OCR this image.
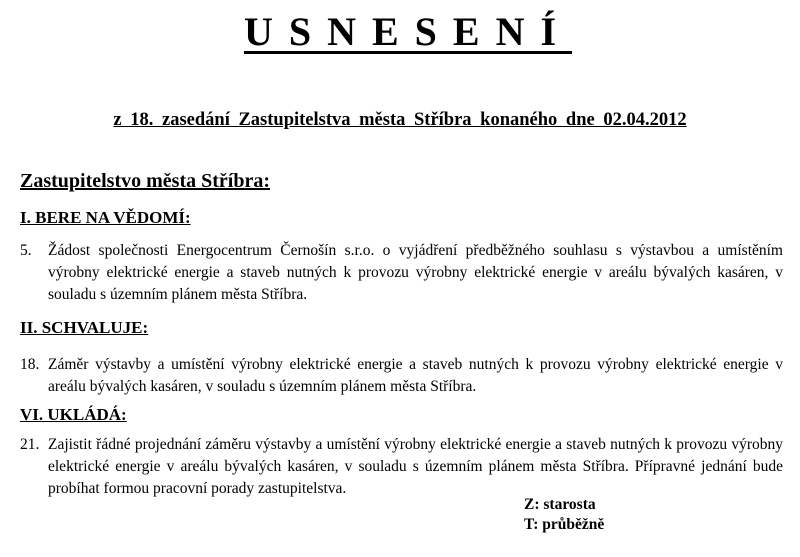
USNESENÍ
z 18. zasedání Zastupitelstva města Stříbra konaného dne 02.04.2012
Zastupitelstvo města Stříbra:
I. BERE NA VĚDOMÍ:
5.	Žádost společnosti Energocentrum Černošín s.r.o. o vyjádření předběžného souhlasu s výstavbou a umístěním výrobny elektrické energie a staveb nutných k provozu výrobny elektrické energie v areálu bývalých kasáren, v souladu s územním plánem města Stříbra.
II. SCHVALUJE:
18. Záměr výstavby a umístění výrobny elektrické energie a staveb nutných k provozu výrobny elektrické energie v areálu bývalých kasáren, v souladu s územním plánem města Stříbra.
VI. UKLÁDÁ:
21. Zajistit řádné projednání záměru výstavby a umístění výrobny elektrické energie a staveb nutných k provozu výrobny elektrické energie v areálu bývalých kasáren, v souladu s územním plánem města Stříbra. Přípravné jednání bude probíhat formou pracovní porady zastupitelstva.
Z: starosta
T: průběžně
